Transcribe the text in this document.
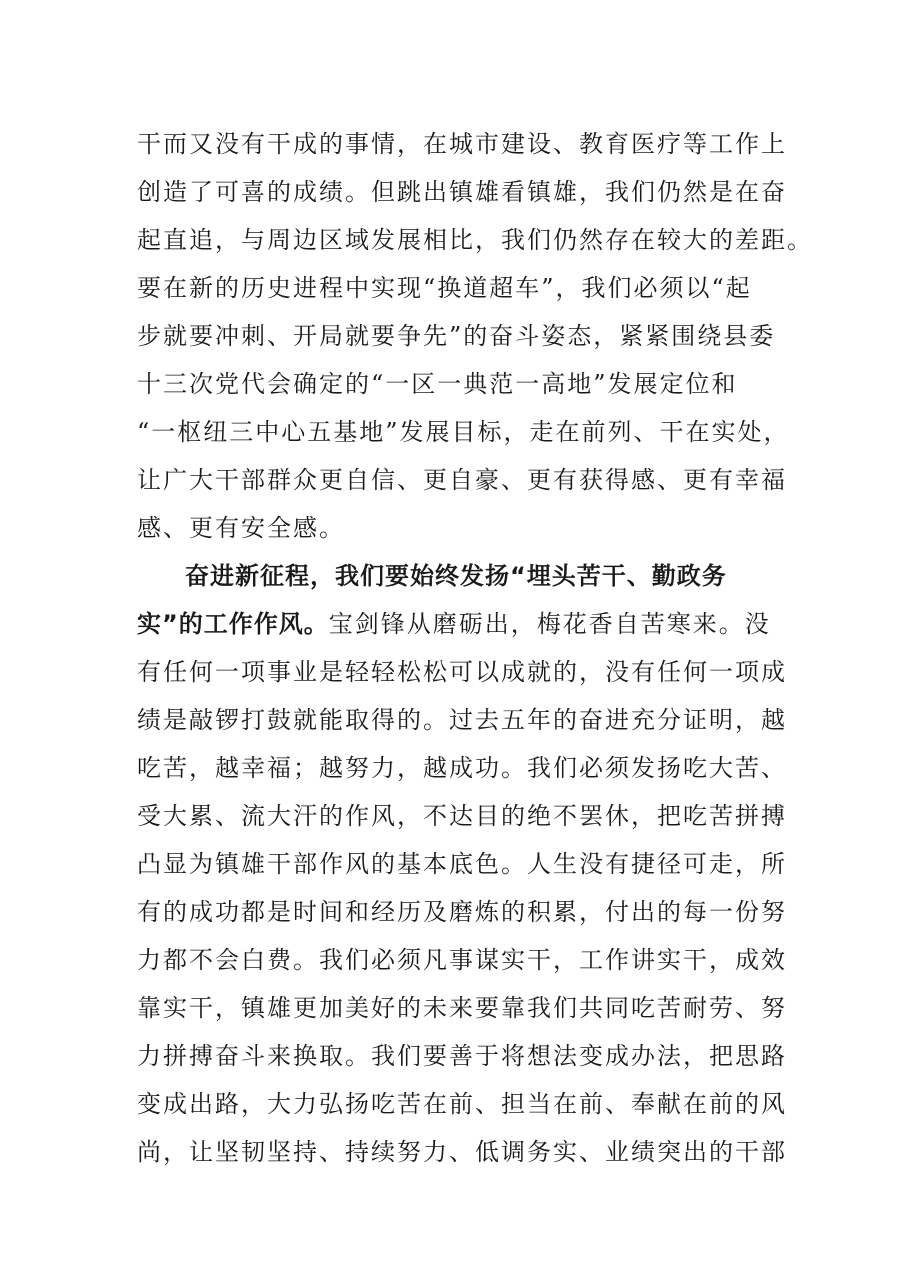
干而又没有干成的事情，在城市建设、教育医疗等工作上
创造了可喜的成绩。但跳出镇雄看镇雄，我们仍然是在奋
起直追，与周边区域发展相比，我们仍然存在较大的差距。
要在新的历史进程中实现“换道超车”，我们必须以“起
步就要冲刺、开局就要争先”的奋斗姿态，紧紧围绕县委
十三次党代会确定的“一区一典范一高地”发展定位和
“一枢纽三中心五基地”发展目标，走在前列、干在实处，
让广大干部群众更自信、更自豪、更有获得感、更有幸福
感、更有安全感。
奋进新征程，我们要始终发扬“埋头苦干、勤政务
实”的工作作风。宝剑锋从磨砺出，梅花香自苦寒来。没
有任何一项事业是轻轻松松可以成就的，没有任何一项成
绩是敲锣打鼓就能取得的。过去五年的奋进充分证明，越
吃苦，越幸福；越努力，越成功。我们必须发扬吃大苦、
受大累、流大汗的作风，不达目的绝不罢休，把吃苦拼搏
凸显为镇雄干部作风的基本底色。人生没有捷径可走，所
有的成功都是时间和经历及磨炼的积累，付出的每一份努
力都不会白费。我们必须凡事谋实干，工作讲实干，成效
靠实干，镇雄更加美好的未来要靠我们共同吃苦耐劳、努
力拼搏奋斗来换取。我们要善于将想法变成办法，把思路
变成出路，大力弘扬吃苦在前、担当在前、奉献在前的风
尚，让坚韧坚持、持续努力、低调务实、业绩突出的干部
